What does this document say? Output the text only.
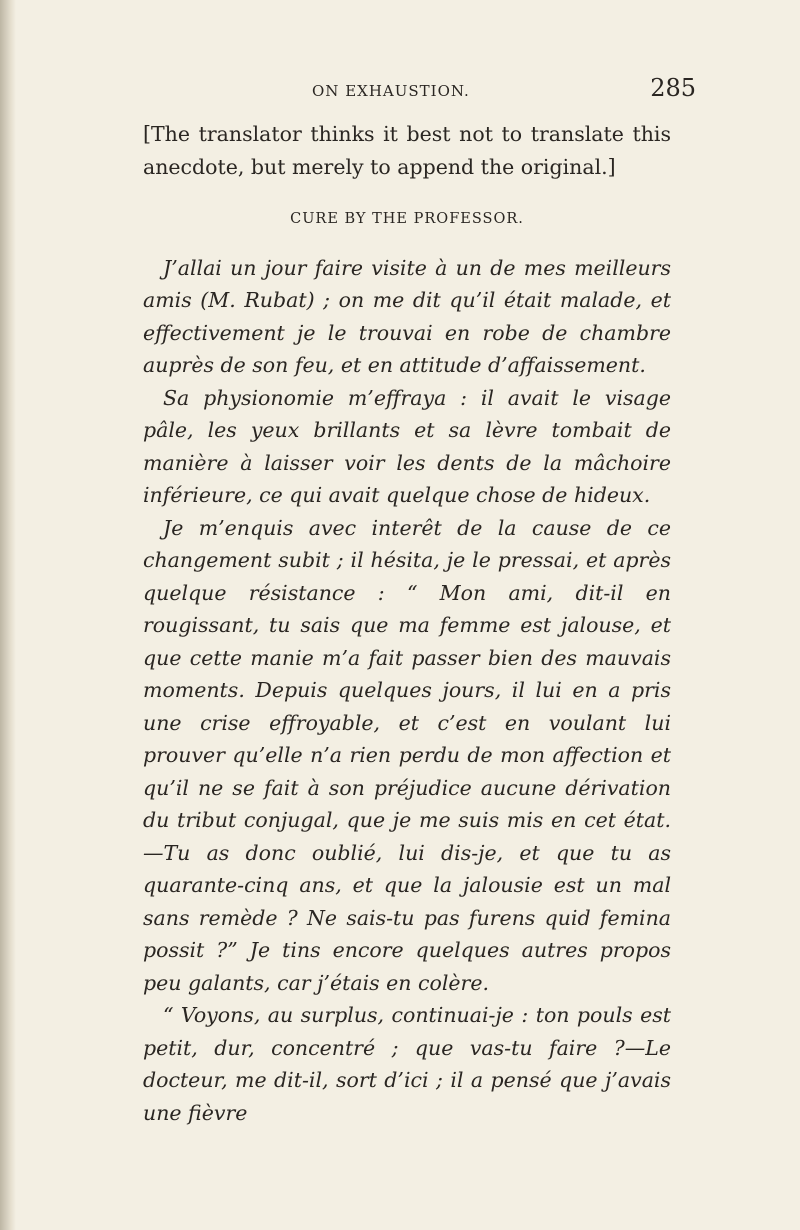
ON EXHAUSTION.	285

[The translator thinks it best not to translate this anecdote, but merely to append the original.]

CURE BY THE PROFESSOR.

J’allai un jour faire visite à un de mes meilleurs amis (M. Rubat) ; on me dit qu’il était malade, et effectivement je le trouvai en robe de chambre auprès de son feu, et en attitude d’affaissement.

Sa physionomie m’effraya : il avait le visage pâle, les yeux brillants et sa lèvre tombait de manière à laisser voir les dents de la mâchoire inférieure, ce qui avait quelque chose de hideux.

Je m’enquis avec interêt de la cause de ce changement subit ; il hésita, je le pressai, et après quelque résistance : “ Mon ami, dit-il en rougissant, tu sais que ma femme est jalouse, et que cette manie m’a fait passer bien des mauvais moments. Depuis quelques jours, il lui en a pris une crise effroyable, et c’est en voulant lui prouver qu’elle n’a rien perdu de mon affection et qu’il ne se fait à son préjudice aucune dérivation du tribut conjugal, que je me suis mis en cet état.—Tu as donc oublié, lui dis-je, et que tu as quarante-cinq ans, et que la jalousie est un mal sans remède ? Ne sais-tu pas furens quid femina possit ?” Je tins encore quelques autres propos peu galants, car j’étais en colère.

“ Voyons, au surplus, continuai-je : ton pouls est petit, dur, concentré ; que vas-tu faire ?—Le docteur, me dit-il, sort d’ici ; il a pensé que j’avais une fièvre
